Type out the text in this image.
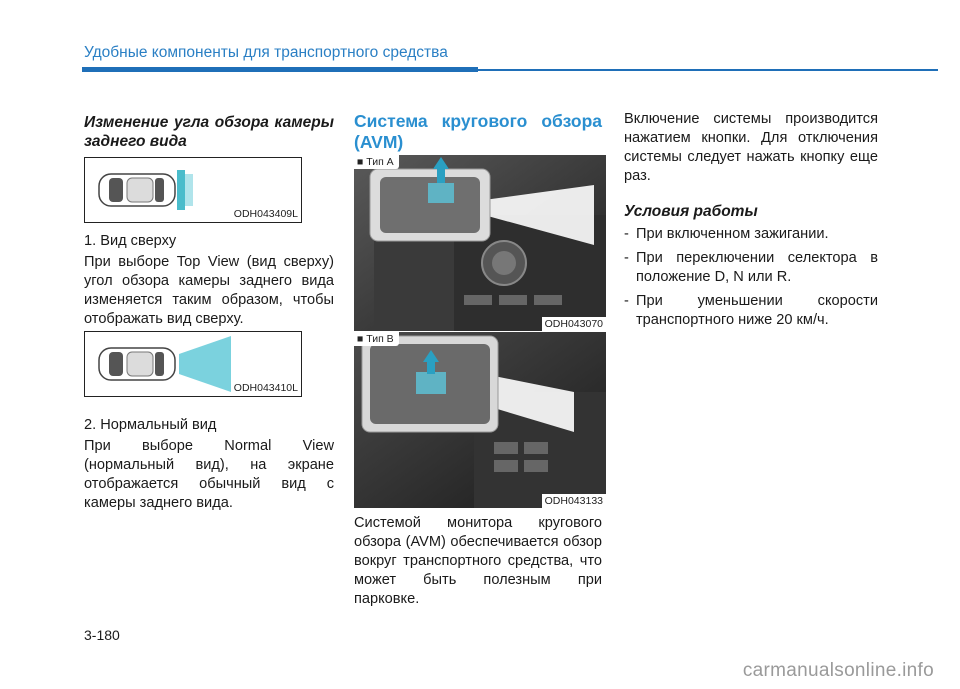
Удобные компоненты для транспортного средства

Изменение угла обзора камеры заднего вида

ODH043409L

1. Вид сверху

При выборе Top View (вид сверху) угол обзора камеры заднего вида изменяется таким образом, чтобы отображать вид сверху.

ODH043410L

2. Нормальный вид

При выборе Normal View (нормальный вид), на экране отображается обычный вид с камеры заднего вида.

Система кругового обзора (AVM)

■ Тип A
ODH043070
■ Тип B
ODH043133

Системой монитора кругового обзора (AVM) обеспечивается обзор вокруг транспортного средства, что может быть полезным при парковке.

Включение системы производится нажатием кнопки. Для отключения системы следует нажать кнопку еще раз.

Условия работы

- При включенном зажигании.

- При переключении селектора в положение D, N или R.

- При уменьшении скорости транспортного ниже 20 км/ч.

3-180
carmanualsonline.info
